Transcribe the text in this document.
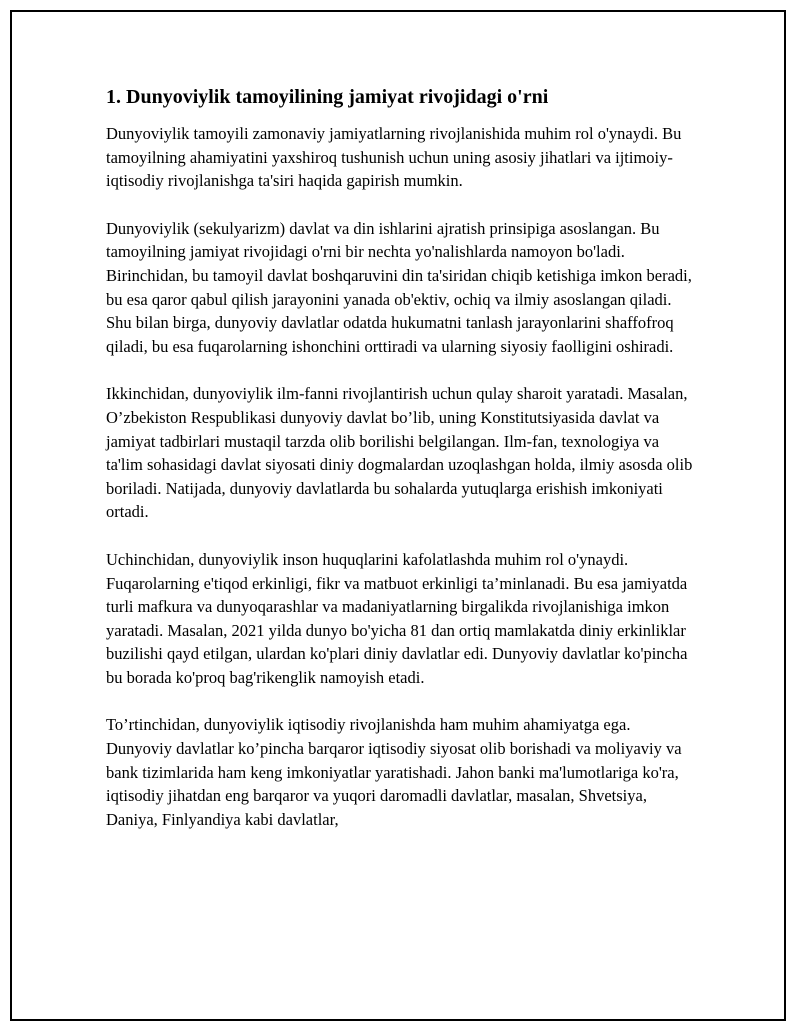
1. Dunyoviylik tamoyilining jamiyat rivojidagi o'rni

Dunyoviylik tamoyili zamonaviy jamiyatlarning rivojlanishida muhim rol o'ynaydi. Bu tamoyilning ahamiyatini yaxshiroq tushunish uchun uning asosiy jihatlari va ijtimoiy-iqtisodiy rivojlanishga ta'siri haqida gapirish mumkin.

Dunyoviylik (sekulyarizm) davlat va din ishlarini ajratish prinsipiga asoslangan. Bu tamoyilning jamiyat rivojidagi o'rni bir nechta yo'nalishlarda namoyon bo'ladi. Birinchidan, bu tamoyil davlat boshqaruvini din ta'siridan chiqib ketishiga imkon beradi, bu esa qaror qabul qilish jarayonini yanada ob'ektiv, ochiq va ilmiy asoslangan qiladi. Shu bilan birga, dunyoviy davlatlar odatda hukumatni tanlash jarayonlarini shaffofroq qiladi, bu esa fuqarolarning ishonchini orttiradi va ularning siyosiy faolligini oshiradi.

Ikkinchidan, dunyoviylik ilm-fanni rivojlantirish uchun qulay sharoit yaratadi. Masalan, O’zbekiston Respublikasi dunyoviy davlat bo’lib, uning Konstitutsiyasida davlat va jamiyat tadbirlari mustaqil tarzda olib borilishi belgilangan. Ilm-fan, texnologiya va ta'lim sohasidagi davlat siyosati diniy dogmalardan uzoqlashgan holda, ilmiy asosda olib boriladi. Natijada, dunyoviy davlatlarda bu sohalarda yutuqlarga erishish imkoniyati ortadi.

Uchinchidan, dunyoviylik inson huquqlarini kafolatlashda muhim rol o'ynaydi. Fuqarolarning e'tiqod erkinligi, fikr va matbuot erkinligi ta’minlanadi. Bu esa jamiyatda turli mafkura va dunyoqarashlar va madaniyatlarning birgalikda rivojlanishiga imkon yaratadi. Masalan, 2021 yilda dunyo bo'yicha 81 dan ortiq mamlakatda diniy erkinliklar buzilishi qayd etilgan, ulardan ko'plari diniy davlatlar edi. Dunyoviy davlatlar ko'pincha bu borada ko'proq bag'rikenglik namoyish etadi.

To’rtinchidan, dunyoviylik iqtisodiy rivojlanishda ham muhim ahamiyatga ega. Dunyoviy davlatlar ko’pincha barqaror iqtisodiy siyosat olib borishadi va moliyaviy va bank tizimlarida ham keng imkoniyatlar yaratishadi. Jahon banki ma'lumotlariga ko'ra, iqtisodiy jihatdan eng barqaror va yuqori daromadli davlatlar, masalan, Shvetsiya, Daniya, Finlyandiya kabi davlatlar,
